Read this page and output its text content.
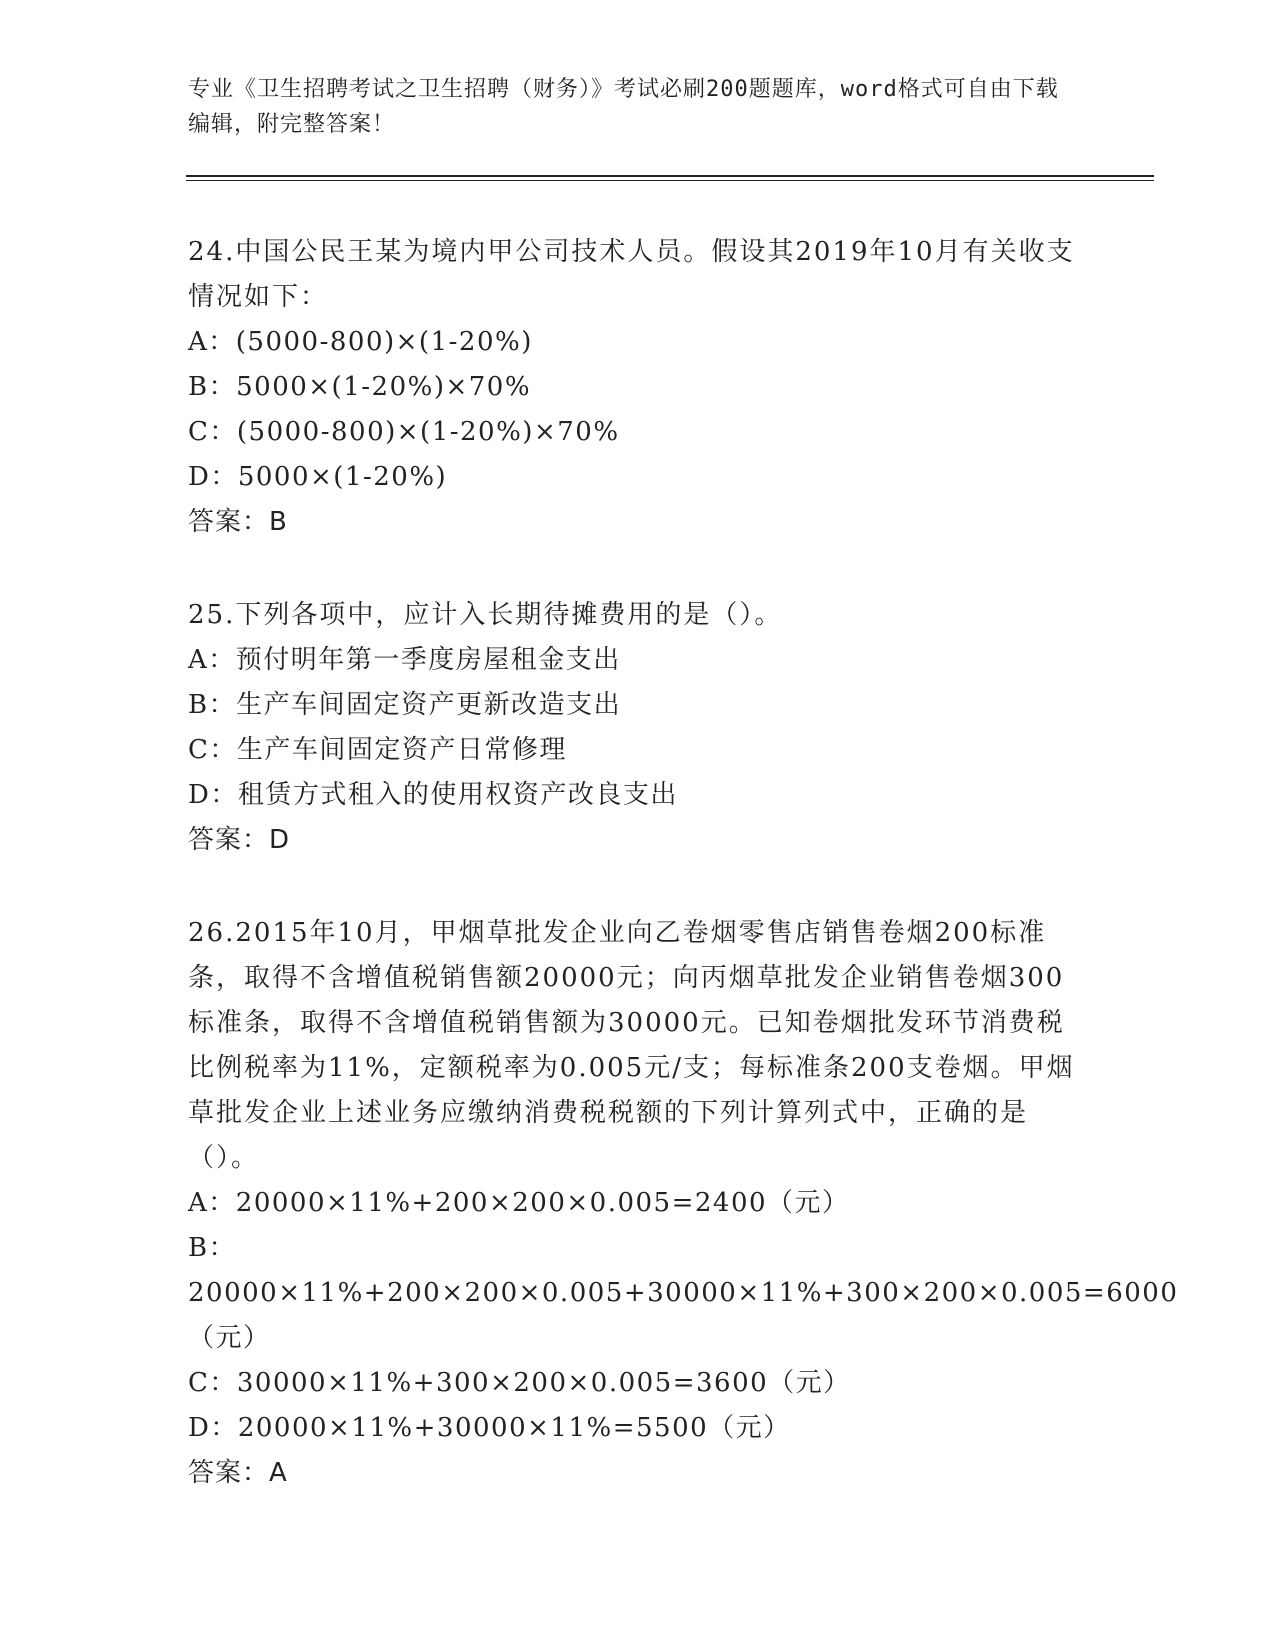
专业《卫生招聘考试之卫生招聘（财务）》考试必刷200题题库，word格式可自由下载编辑，附完整答案！

24.中国公民王某为境内甲公司技术人员。假设其2019年10月有关收支情况如下：

A：(5000-800)×(1-20%)

B：5000×(1-20%)×70%

C：(5000-800)×(1-20%)×70%

D：5000×(1-20%)

答案：B

25.下列各项中，应计入长期待摊费用的是（）。

A：预付明年第一季度房屋租金支出

B：生产车间固定资产更新改造支出

C：生产车间固定资产日常修理

D：租赁方式租入的使用权资产改良支出

答案：D

26.2015年10月，甲烟草批发企业向乙卷烟零售店销售卷烟200标准条，取得不含增值税销售额20000元；向丙烟草批发企业销售卷烟300标准条，取得不含增值税销售额为30000元。已知卷烟批发环节消费税比例税率为11%，定额税率为0.005元/支；每标准条200支卷烟。甲烟草批发企业上述业务应缴纳消费税税额的下列计算列式中，正确的是（）。

A：20000×11%+200×200×0.005=2400（元）

B：20000×11%+200×200×0.005+30000×11%+300×200×0.005=6000（元）

C：30000×11%+300×200×0.005=3600（元）

D：20000×11%+30000×11%=5500（元）

答案：A
